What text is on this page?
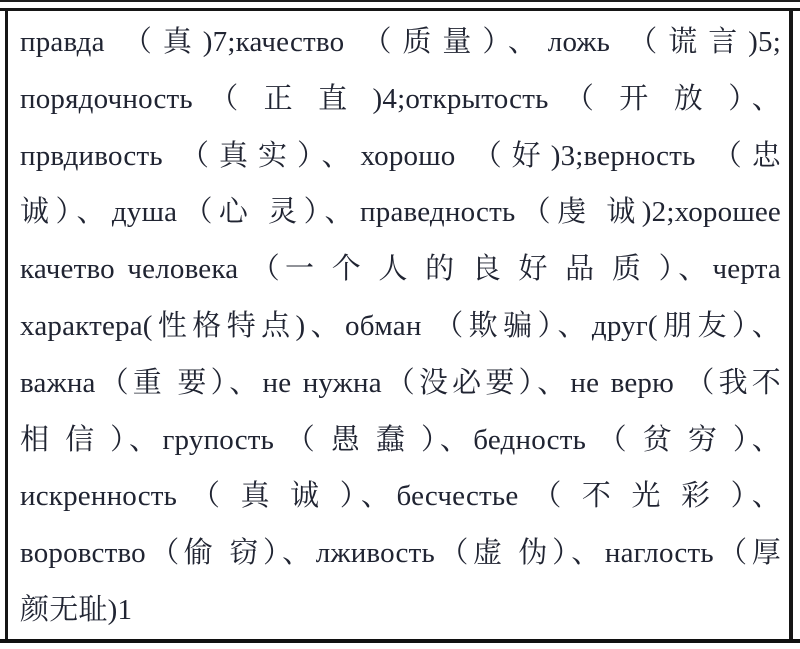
правда （真)7;качество （质量）、ложь （谎言)5;
порядочность （ 正 直 )4;открытость （ 开 放 ）、
првдивость （真实）、хорошо （好)3;верность （忠
诚）、душа（心 灵）、праведность（虔 诚)2;хорошее
качетво человека （一 个 人 的 良 好 品 质 ）、черта
характера(性格特点)、обман （欺骗）、друг(朋友）、
важна（重 要）、не нужна（没必要）、не верю （我不
相 信 ）、групость （ 愚 蠢 ）、бедность （ 贫 穷 ）、
искренность （ 真 诚 ）、бесчестье （ 不 光 彩 ）、
воровство（偷 窃）、лживость（虚 伪）、наглость（厚
颜无耻)1
